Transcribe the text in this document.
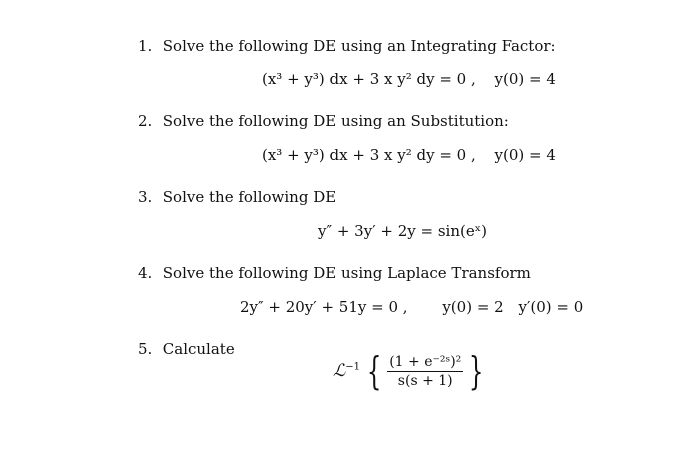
1. Solve the following DE using an Integrating Factor:
(x³ + y³) dx + 3 x y² dy = 0 , y(0) = 4
2. Solve the following DE using an Substitution:
(x³ + y³) dx + 3 x y² dy = 0 , y(0) = 4
3. Solve the following DE
y″ + 3y′ + 2y = sin(eˣ)
4. Solve the following DE using Laplace Transform
2y″ + 20y′ + 51y = 0 , y(0) = 2 y′(0) = 0
5. Calculate
ℒ$^{-1}$ { $\frac{\text{(1 + e⁻²ˢ)²}}{s(s + 1)}$ }
